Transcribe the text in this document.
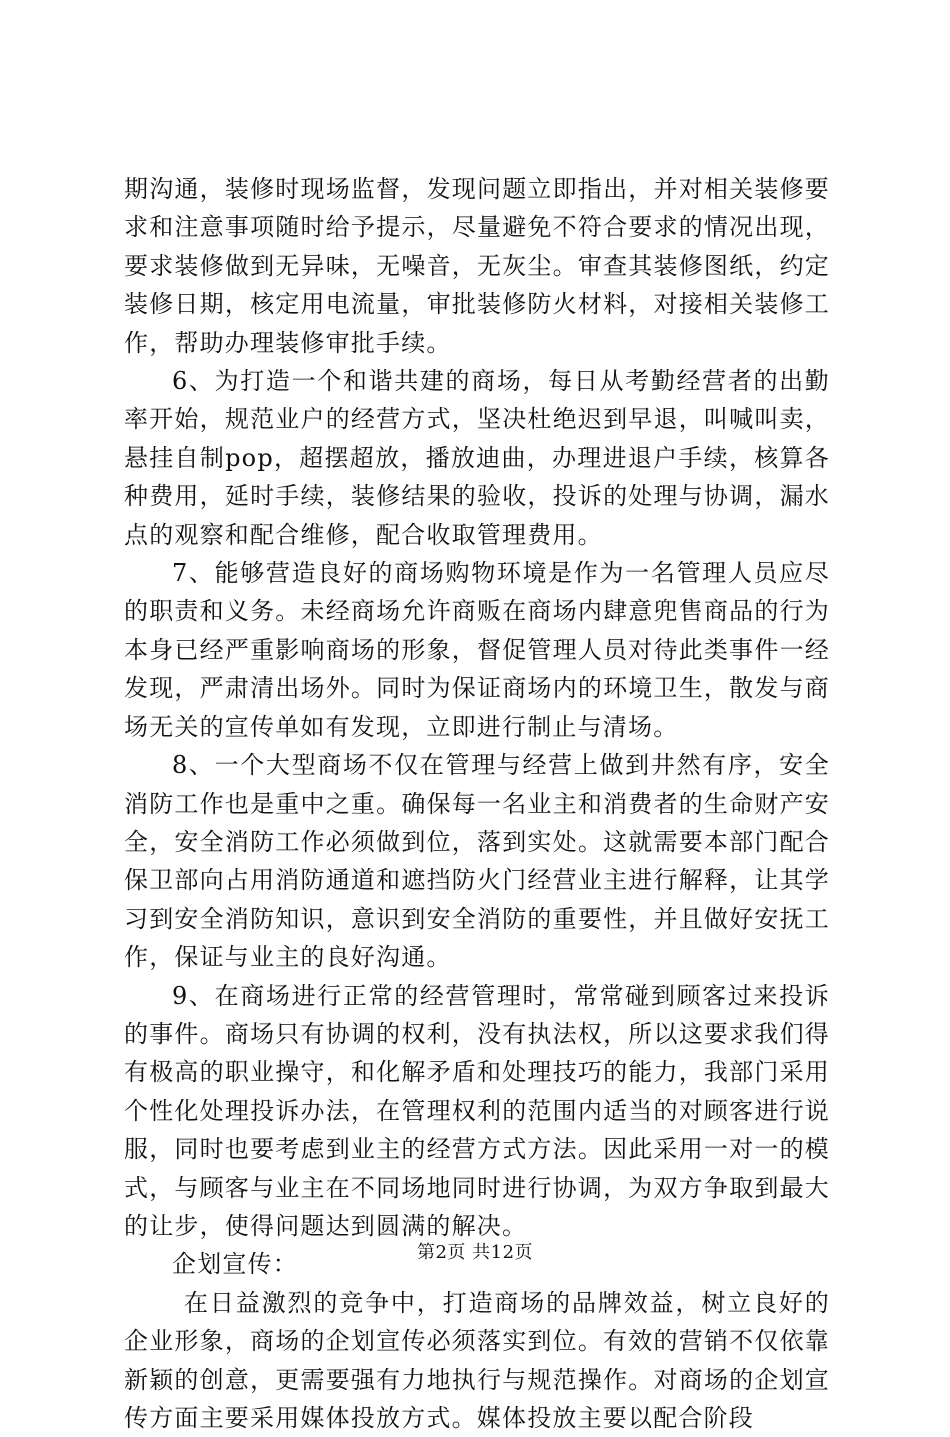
期沟通，装修时现场监督，发现问题立即指出，并对相关装修要求和注意事项随时给予提示，尽量避免不符合要求的情况出现，要求装修做到无异味，无噪音，无灰尘。审查其装修图纸，约定装修日期，核定用电流量，审批装修防火材料，对接相关装修工作，帮助办理装修审批手续。

6、为打造一个和谐共建的商场，每日从考勤经营者的出勤率开始，规范业户的经营方式，坚决杜绝迟到早退，叫喊叫卖，悬挂自制pop，超摆超放，播放迪曲，办理进退户手续，核算各种费用，延时手续，装修结果的验收，投诉的处理与协调，漏水点的观察和配合维修，配合收取管理费用。

7、能够营造良好的商场购物环境是作为一名管理人员应尽的职责和义务。未经商场允许商贩在商场内肆意兜售商品的行为本身已经严重影响商场的形象，督促管理人员对待此类事件一经发现，严肃清出场外。同时为保证商场内的环境卫生，散发与商场无关的宣传单如有发现，立即进行制止与清场。

8、一个大型商场不仅在管理与经营上做到井然有序，安全消防工作也是重中之重。确保每一名业主和消费者的生命财产安全，安全消防工作必须做到位，落到实处。这就需要本部门配合保卫部向占用消防通道和遮挡防火门经营业主进行解释，让其学习到安全消防知识，意识到安全消防的重要性，并且做好安抚工作，保证与业主的良好沟通。

9、在商场进行正常的经营管理时，常常碰到顾客过来投诉的事件。商场只有协调的权利，没有执法权，所以这要求我们得有极高的职业操守，和化解矛盾和处理技巧的能力，我部门采用个性化处理投诉办法，在管理权利的范围内适当的对顾客进行说服，同时也要考虑到业主的经营方式方法。因此采用一对一的模式，与顾客与业主在不同场地同时进行协调，为双方争取到最大的让步，使得问题达到圆满的解决。

企划宣传：

在日益激烈的竞争中，打造商场的品牌效益，树立良好的企业形象，商场的企划宣传必须落实到位。有效的营销不仅依靠新颖的创意，更需要强有力地执行与规范操作。对商场的企划宣传方面主要采用媒体投放方式。媒体投放主要以配合阶段

第2页 共12页
